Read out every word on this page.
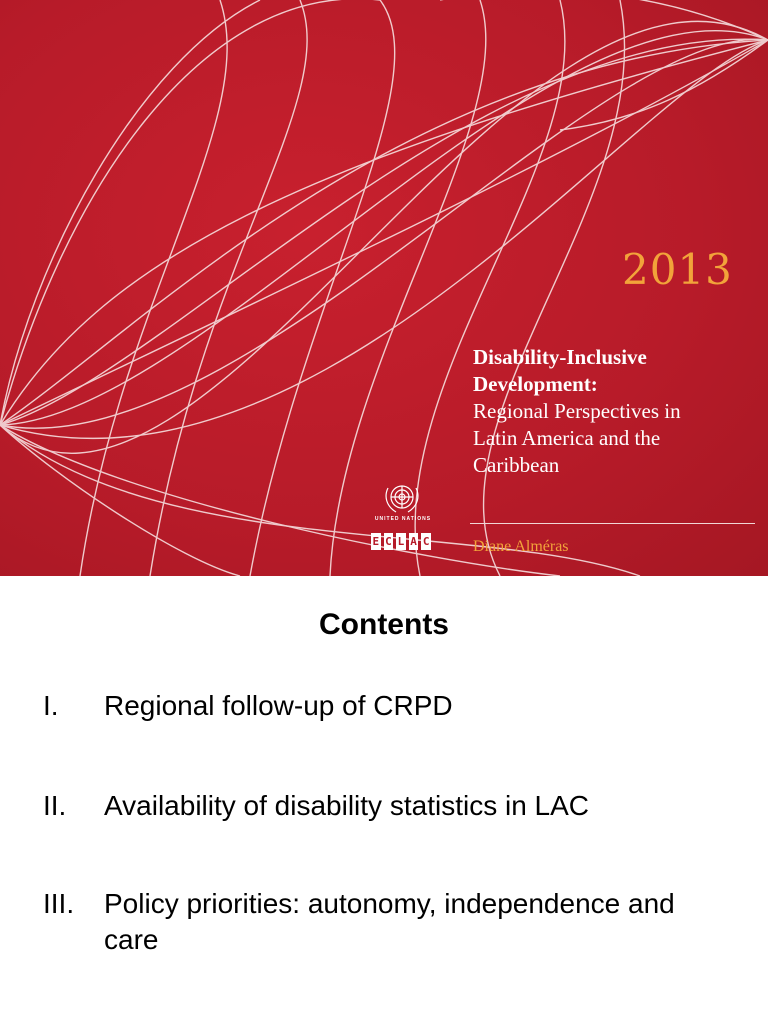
2013
Disability-Inclusive
Development:
Regional Perspectives in
Latin America and the
Caribbean
Diane Alméras
UNITED NATIONS
E C L A C
Contents
I. Regional follow-up of CRPD
II. Availability of disability statistics in LAC
III. Policy priorities: autonomy, independence and care
